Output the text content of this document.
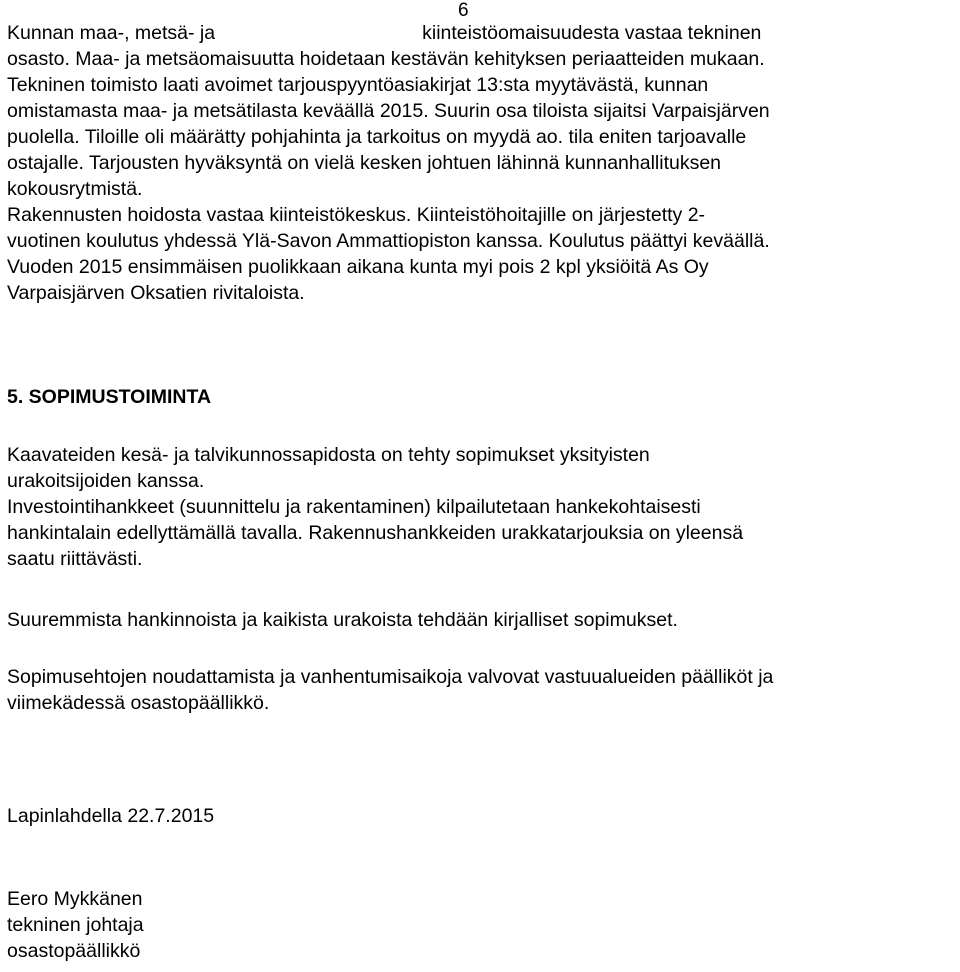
6
Kunnan maa-, metsä- ja	kiinteistöomaisuudesta vastaa tekninen
osasto. Maa- ja metsäomaisuutta hoidetaan kestävän kehityksen periaatteiden mukaan.
Tekninen toimisto laati avoimet tarjouspyyntöasiakirjat 13:sta myytävästä, kunnan
omistamasta maa- ja metsätilasta keväällä 2015. Suurin osa tiloista sijaitsi Varpaisjärven
puolella. Tiloille oli määrätty pohjahinta ja tarkoitus on myydä ao. tila eniten tarjoavalle
ostajalle. Tarjousten hyväksyntä on vielä kesken johtuen lähinnä kunnanhallituksen
kokousrytmistä.
Rakennusten hoidosta vastaa kiinteistökeskus. Kiinteistöhoitajille on järjestetty 2-
vuotinen koulutus yhdessä Ylä-Savon Ammattiopiston kanssa. Koulutus päättyi keväällä.
Vuoden 2015 ensimmäisen puolikkaan aikana kunta myi pois 2 kpl yksiöitä As Oy
Varpaisjärven Oksatien rivitaloista.
5. SOPIMUSTOIMINTA
Kaavateiden kesä- ja talvikunnossapidosta on tehty sopimukset yksityisten
urakoitsijoiden kanssa.
Investointihankkeet (suunnittelu ja rakentaminen) kilpailutetaan hankekohtaisesti
hankintalain edellyttämällä tavalla. Rakennushankkeiden urakkatarjouksia on yleensä
saatu riittävästi.
Suuremmista hankinnoista ja kaikista urakoista tehdään kirjalliset sopimukset.
Sopimusehtojen noudattamista ja vanhentumisaikoja valvovat vastuualueiden päälliköt ja
viimekädessä osastopäällikkö.
Lapinlahdella 22.7.2015
Eero Mykkänen
tekninen johtaja
osastopäällikkö
